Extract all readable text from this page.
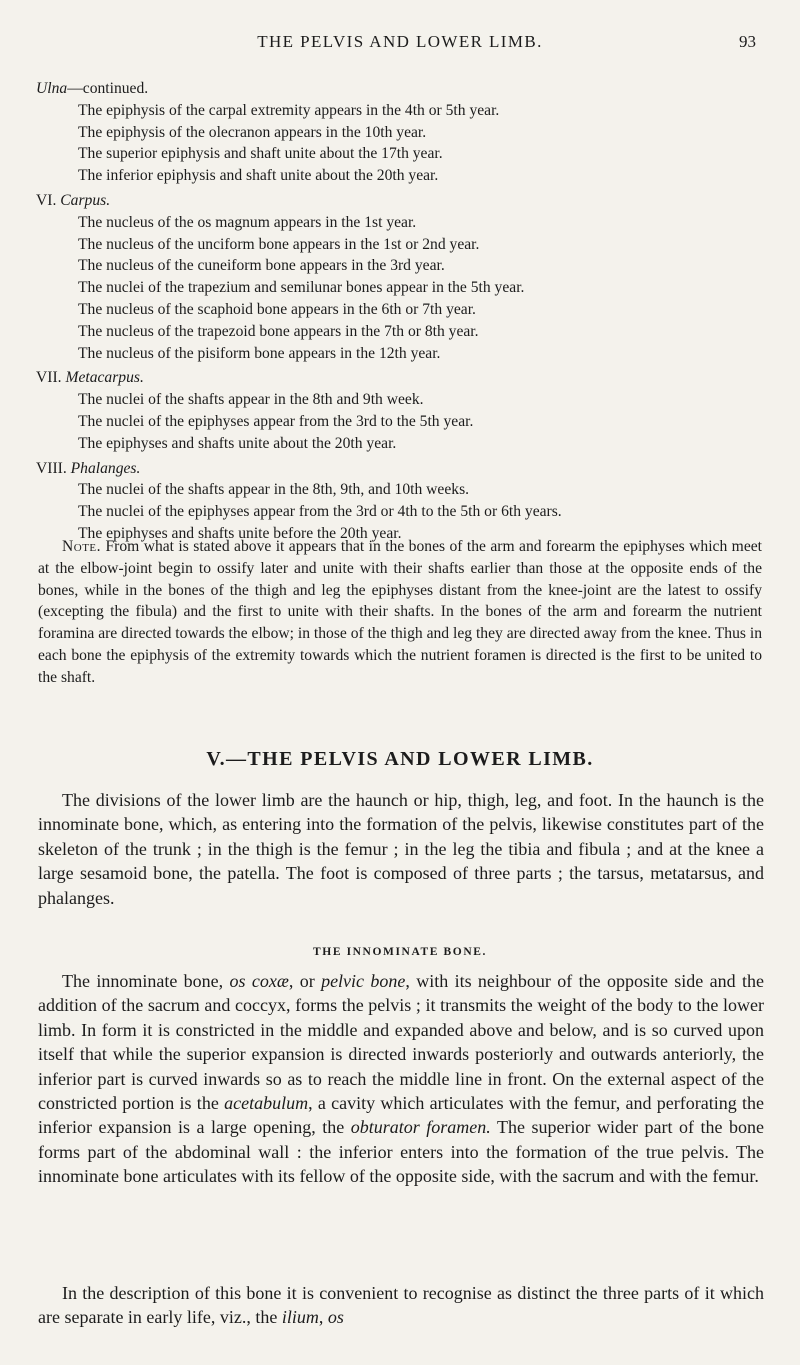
THE PELVIS AND LOWER LIMB.	93

Ulna—continued.

The epiphysis of the carpal extremity appears in the 4th or 5th year.

The epiphysis of the olecranon appears in the 10th year.

The superior epiphysis and shaft unite about the 17th year.

The inferior epiphysis and shaft unite about the 20th year.

VI. Carpus.

The nucleus of the os magnum appears in the 1st year.

The nucleus of the unciform bone appears in the 1st or 2nd year.

The nucleus of the cuneiform bone appears in the 3rd year.

The nuclei of the trapezium and semilunar bones appear in the 5th year.

The nucleus of the scaphoid bone appears in the 6th or 7th year.

The nucleus of the trapezoid bone appears in the 7th or 8th year.

The nucleus of the pisiform bone appears in the 12th year.

VII. Metacarpus.

The nuclei of the shafts appear in the 8th and 9th week.

The nuclei of the epiphyses appear from the 3rd to the 5th year.

The epiphyses and shafts unite about the 20th year.

VIII. Phalanges.

The nuclei of the shafts appear in the 8th, 9th, and 10th weeks.

The nuclei of the epiphyses appear from the 3rd or 4th to the 5th or 6th years.

The epiphyses and shafts unite before the 20th year.

Note. From what is stated above it appears that in the bones of the arm and forearm the epiphyses which meet at the elbow-joint begin to ossify later and unite with their shafts earlier than those at the opposite ends of the bones, while in the bones of the thigh and leg the epiphyses distant from the knee-joint are the latest to ossify (excepting the fibula) and the first to unite with their shafts. In the bones of the arm and forearm the nutrient foramina are directed towards the elbow; in those of the thigh and leg they are directed away from the knee. Thus in each bone the epiphysis of the extremity towards which the nutrient foramen is directed is the first to be united to the shaft.

V.—THE PELVIS AND LOWER LIMB.

The divisions of the lower limb are the haunch or hip, thigh, leg, and foot. In the haunch is the innominate bone, which, as entering into the formation of the pelvis, likewise constitutes part of the skeleton of the trunk ; in the thigh is the femur ; in the leg the tibia and fibula ; and at the knee a large sesamoid bone, the patella. The foot is composed of three parts ; the tarsus, metatarsus, and phalanges.

THE INNOMINATE BONE.

The innominate bone, os coxæ, or pelvic bone, with its neighbour of the opposite side and the addition of the sacrum and coccyx, forms the pelvis ; it transmits the weight of the body to the lower limb. In form it is constricted in the middle and expanded above and below, and is so curved upon itself that while the superior expansion is directed inwards posteriorly and outwards anteriorly, the inferior part is curved inwards so as to reach the middle line in front. On the external aspect of the constricted portion is the acetabulum, a cavity which articulates with the femur, and perforating the inferior expansion is a large opening, the obturator foramen. The superior wider part of the bone forms part of the abdominal wall : the inferior enters into the formation of the true pelvis. The innominate bone articulates with its fellow of the opposite side, with the sacrum and with the femur.

In the description of this bone it is convenient to recognise as distinct the three parts of it which are separate in early life, viz., the ilium, os
